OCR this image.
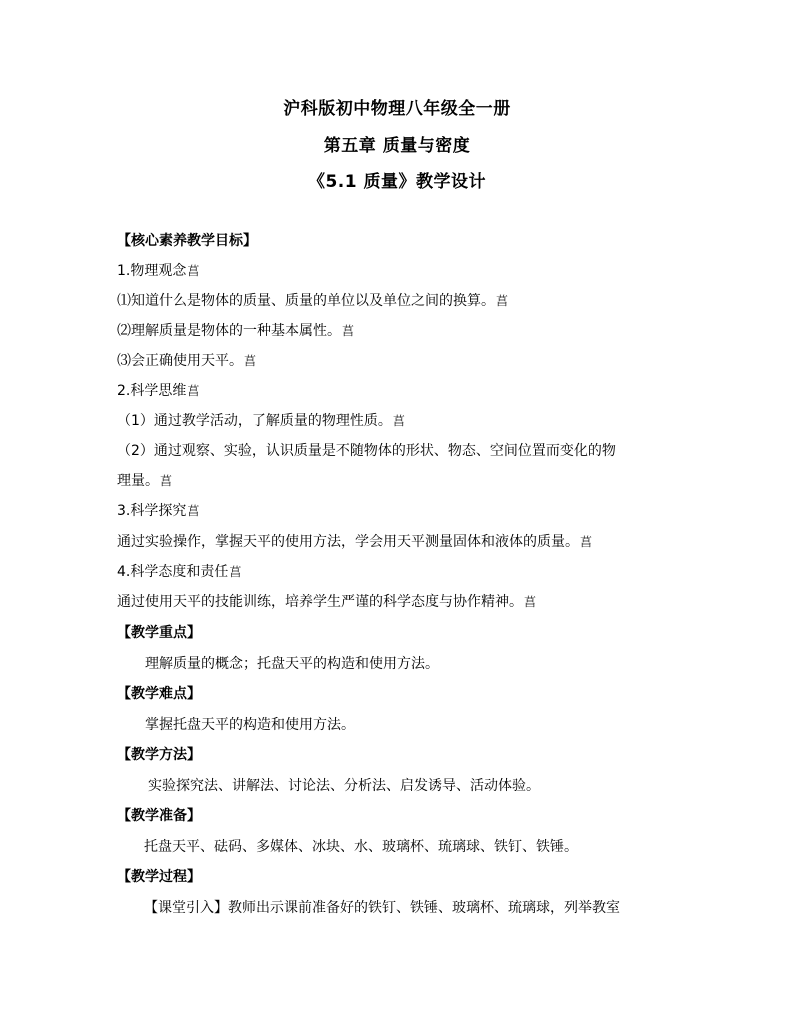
沪科版初中物理八年级全一册
第五章 质量与密度
《5.1 质量》教学设计
【核心素养教学目标】
1.物理观念菖
⑴知道什么是物体的质量、质量的单位以及单位之间的换算。菖
⑵理解质量是物体的一种基本属性。菖
⑶会正确使用天平。菖
2.科学思维菖
（1）通过教学活动，了解质量的物理性质。菖
（2）通过观察、实验，认识质量是不随物体的形状、物态、空间位置而变化的物
理量。菖
3.科学探究菖
通过实验操作，掌握天平的使用方法，学会用天平测量固体和液体的质量。菖
4.科学态度和责任菖
通过使用天平的技能训练，培养学生严谨的科学态度与协作精神。菖
【教学重点】
理解质量的概念；托盘天平的构造和使用方法。
【教学难点】
掌握托盘天平的构造和使用方法。
【教学方法】
实验探究法、讲解法、讨论法、分析法、启发诱导、活动体验。
【教学准备】
托盘天平、砝码、多媒体、冰块、水、玻璃杯、琉璃球、铁钉、铁锤。
【教学过程】
【课堂引入】教师出示课前准备好的铁钉、铁锤、玻璃杯、琉璃球，列举教室
